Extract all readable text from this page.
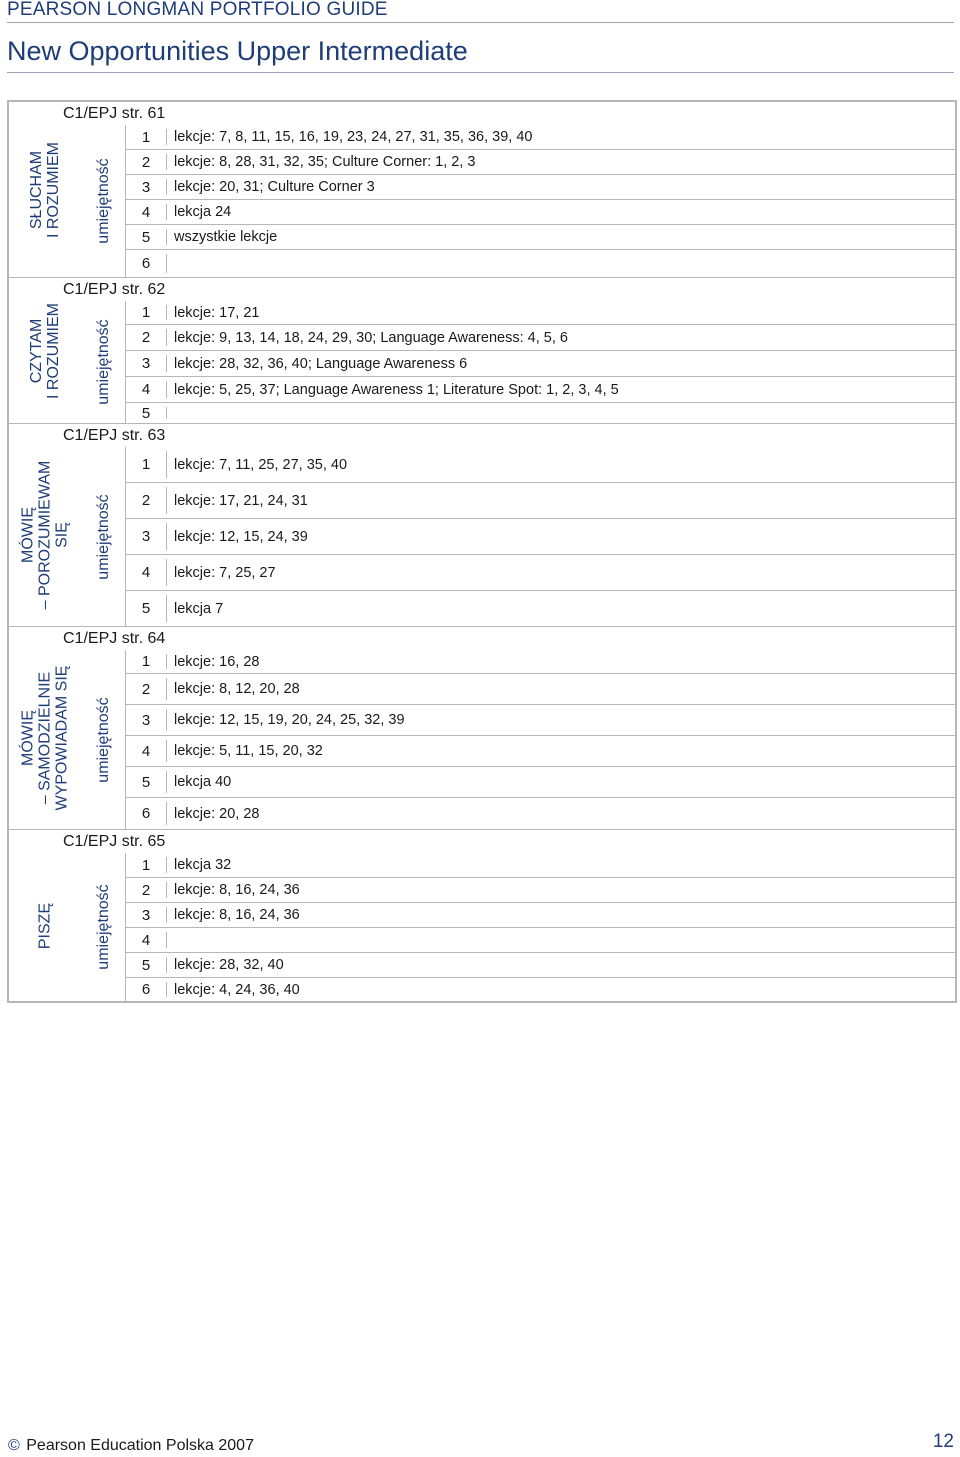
PEARSON LONGMAN PORTFOLIO GUIDE
New Opportunities Upper Intermediate
C1/EPJ str. 61
SŁUCHAM I ROZUMIEM umiejętność
1	lekcje: 7, 8, 11, 15, 16, 19, 23, 24, 27, 31, 35, 36, 39, 40
2	lekcje: 8, 28, 31, 32, 35; Culture Corner: 1, 2, 3
3	lekcje: 20, 31; Culture Corner 3
4	lekcja 24
5	wszystkie lekcje
6
C1/EPJ str. 62
CZYTAM I ROZUMIEM umiejętność
1	lekcje: 17, 21
2	lekcje: 9, 13, 14, 18, 24, 29, 30; Language Awareness: 4, 5, 6
3	lekcje: 28, 32, 36, 40; Language Awareness 6
4	lekcje: 5, 25, 37; Language Awareness 1; Literature Spot: 1, 2, 3, 4, 5
5
C1/EPJ str. 63
MÓWIĘ – POROZUMIEWAM SIĘ umiejętność
1	lekcje: 7, 11, 25, 27, 35, 40
2	lekcje: 17, 21, 24, 31
3	lekcje: 12, 15, 24, 39
4	lekcje: 7, 25, 27
5	lekcja 7
C1/EPJ str. 64
MÓWIĘ – SAMODZIELNIE WYPOWIADAM SIĘ umiejętność
1	lekcje: 16, 28
2	lekcje: 8, 12, 20, 28
3	lekcje: 12, 15, 19, 20, 24, 25, 32, 39
4	lekcje: 5, 11, 15, 20, 32
5	lekcja 40
6	lekcje: 20, 28
C1/EPJ str. 65
PISZĘ	umiejętność
1	lekcja 32
2	lekcje: 8, 16, 24, 36
3	lekcje: 8, 16, 24, 36
4
5	lekcje: 28, 32, 40
6	lekcje: 4, 24, 36, 40
© Pearson Education Polska 2007	12
